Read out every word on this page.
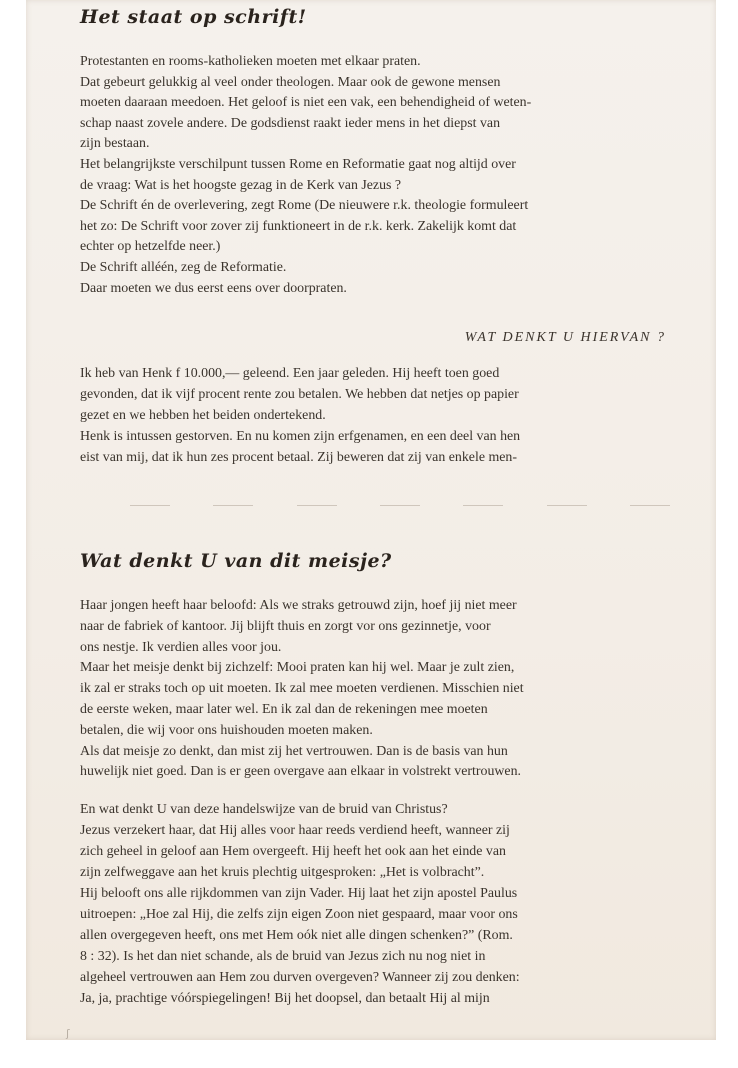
Het staat op schrift!

Protestanten en rooms-katholieken moeten met elkaar praten.
Dat gebeurt gelukkig al veel onder theologen. Maar ook de gewone mensen
moeten daaraan meedoen. Het geloof is niet een vak, een behendigheid of weten-
schap naast zovele andere. De godsdienst raakt ieder mens in het diepst van
zijn bestaan.
Het belangrijkste verschilpunt tussen Rome en Reformatie gaat nog altijd over
de vraag: Wat is het hoogste gezag in de Kerk van Jezus ?
De Schrift én de overlevering, zegt Rome (De nieuwere r.k. theologie formuleert
het zo: De Schrift voor zover zij funktioneert in de r.k. kerk. Zakelijk komt dat
echter op hetzelfde neer.)
De Schrift alléén, zeg de Reformatie.
Daar moeten we dus eerst eens over doorpraten.

WAT DENKT U HIERVAN ?

Ik heb van Henk f 10.000,— geleend. Een jaar geleden. Hij heeft toen goed
gevonden, dat ik vijf procent rente zou betalen. We hebben dat netjes op papier
gezet en we hebben het beiden ondertekend.
Henk is intussen gestorven. En nu komen zijn erfgenamen, en een deel van hen
eist van mij, dat ik hun zes procent betaal. Zij beweren dat zij van enkele men-

Wat denkt U van dit meisje?

Haar jongen heeft haar beloofd: Als we straks getrouwd zijn, hoef jij niet meer
naar de fabriek of kantoor. Jij blijft thuis en zorgt vor ons gezinnetje, voor
ons nestje. Ik verdien alles voor jou.
Maar het meisje denkt bij zichzelf: Mooi praten kan hij wel. Maar je zult zien,
ik zal er straks toch op uit moeten. Ik zal mee moeten verdienen. Misschien niet
de eerste weken, maar later wel. En ik zal dan de rekeningen mee moeten
betalen, die wij voor ons huishouden moeten maken.
Als dat meisje zo denkt, dan mist zij het vertrouwen. Dan is de basis van hun
huwelijk niet goed. Dan is er geen overgave aan elkaar in volstrekt vertrouwen.

En wat denkt U van deze handelswijze van de bruid van Christus?
Jezus verzekert haar, dat Hij alles voor haar reeds verdiend heeft, wanneer zij
zich geheel in geloof aan Hem overgeeft. Hij heeft het ook aan het einde van
zijn zelfweggave aan het kruis plechtig uitgesproken: „Het is volbracht”.
Hij belooft ons alle rijkdommen van zijn Vader. Hij laat het zijn apostel Paulus
uitroepen: „Hoe zal Hij, die zelfs zijn eigen Zoon niet gespaard, maar voor ons
allen overgegeven heeft, ons met Hem oók niet alle dingen schenken?” (Rom.
8 : 32). Is het dan niet schande, als de bruid van Jezus zich nu nog niet in
algeheel vertrouwen aan Hem zou durven overgeven? Wanneer zij zou denken:
Ja, ja, prachtige vóórspiegelingen! Bij het doopsel, dan betaalt Hij al mijn

ʃ
